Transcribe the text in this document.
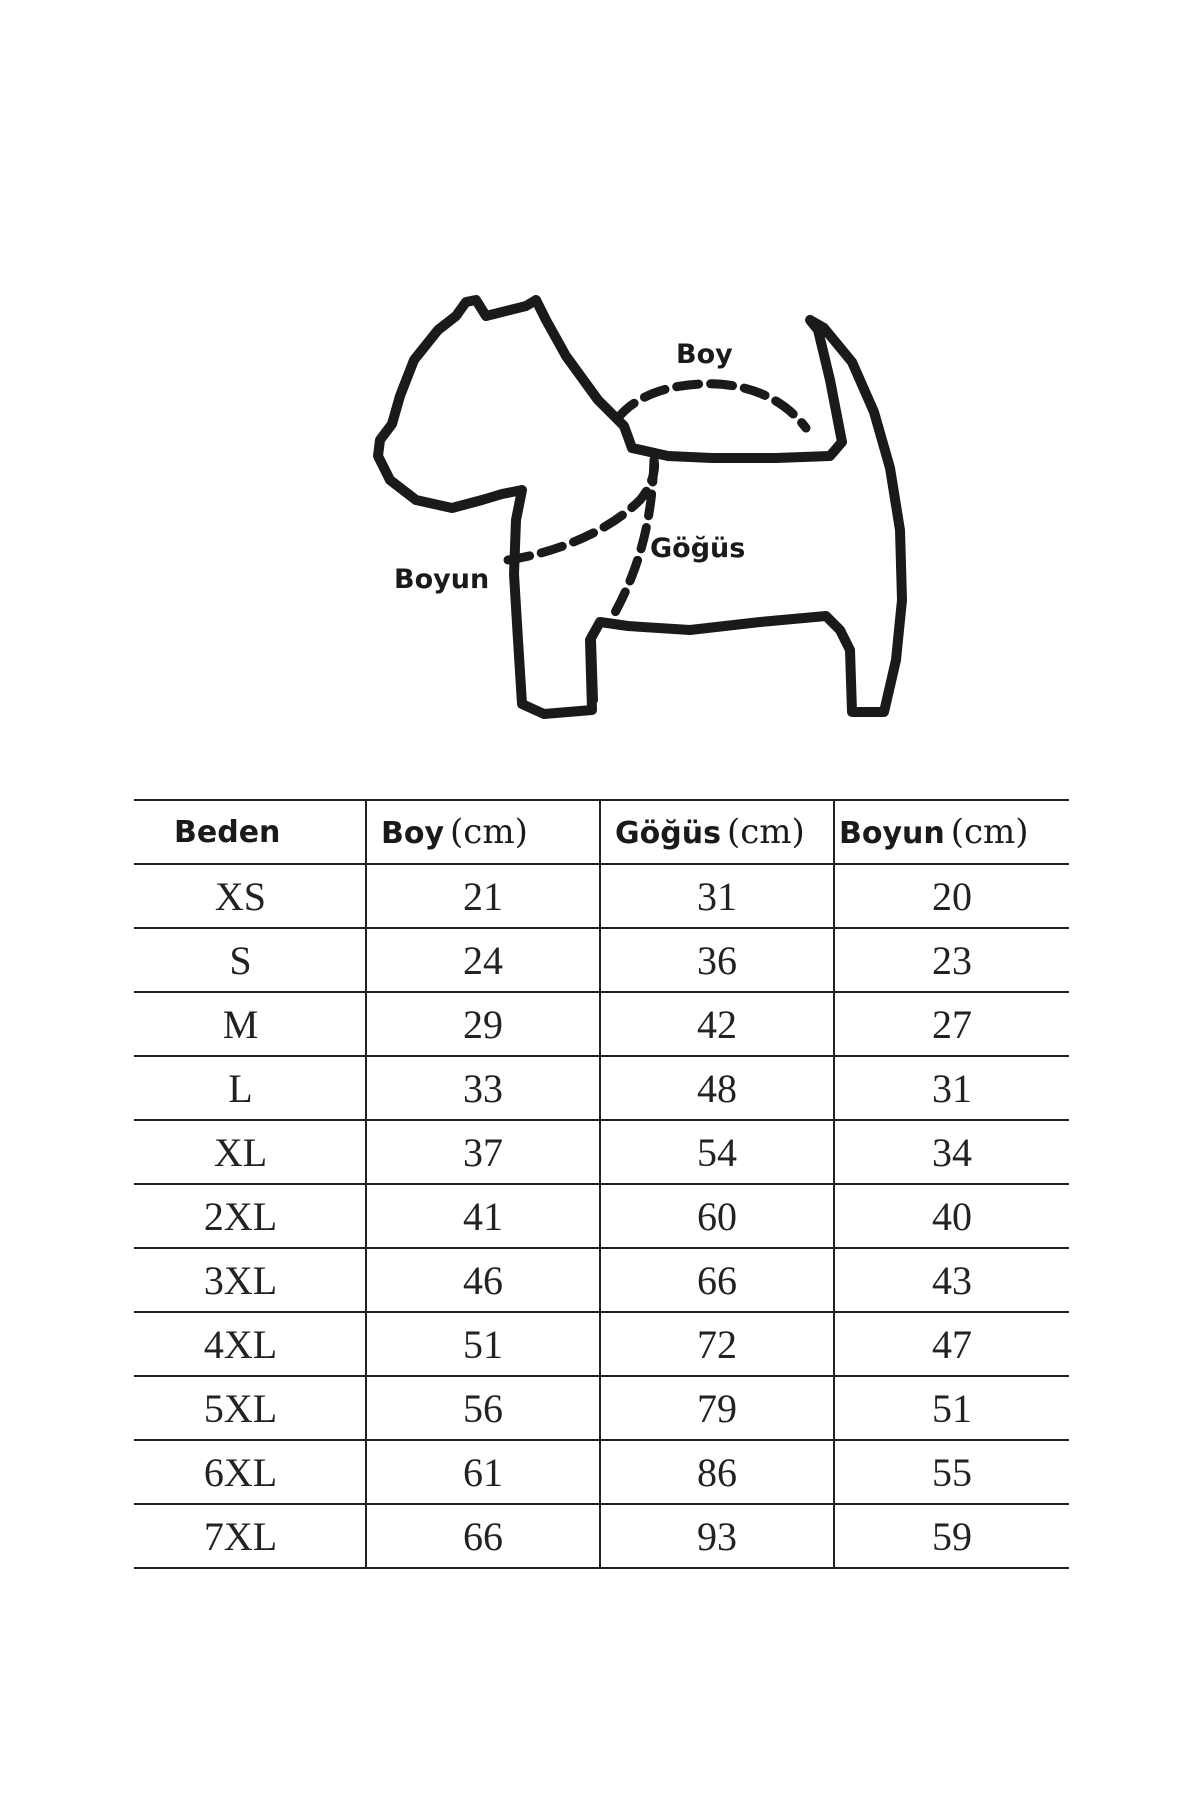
Boy
Göğüs
Boyun
Beden	Boy (cm)	Göğüs (cm)	Boyun (cm)
XS	21	31	20
S	24	36	23
M	29	42	27
L	33	48	31
XL	37	54	34
2XL	41	60	40
3XL	46	66	43
4XL	51	72	47
5XL	56	79	51
6XL	61	86	55
7XL	66	93	59
